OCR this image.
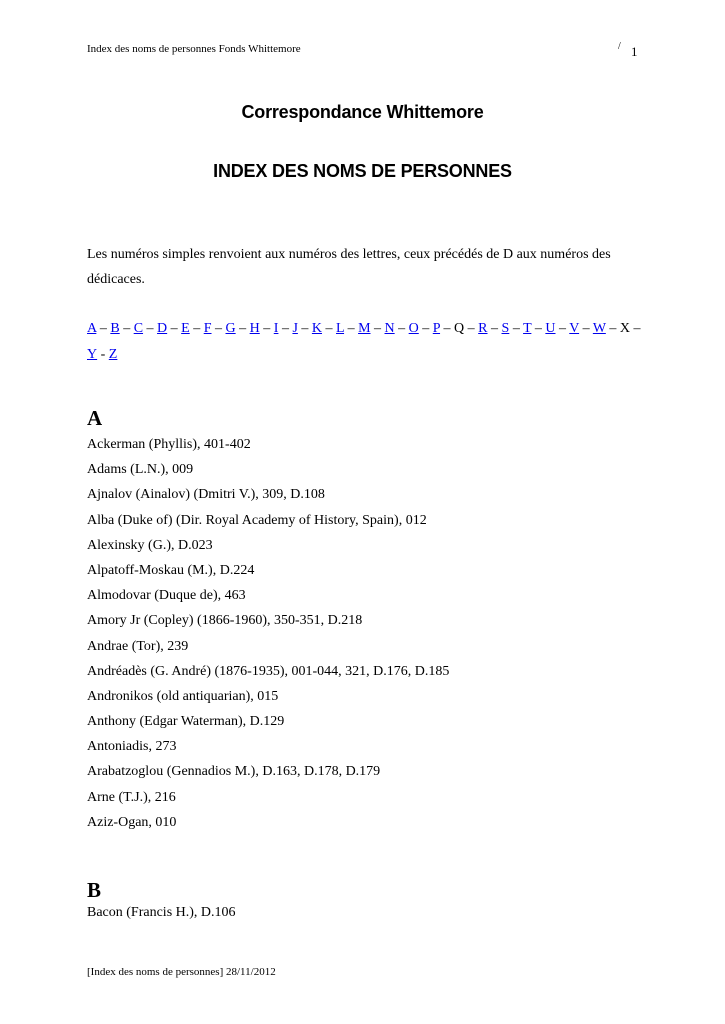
Index des noms de personnes Fonds Whittemore	/ 1
Correspondance Whittemore
INDEX DES NOMS DE PERSONNES
Les numéros simples renvoient aux numéros des lettres, ceux précédés de D aux numéros des dédicaces.
A – B – C – D – E – F – G – H – I – J – K – L – M – N – O – P – Q – R – S – T – U – V – W – X – Y - Z
A
Ackerman (Phyllis), 401-402
Adams (L.N.), 009
Ajnalov (Ainalov) (Dmitri V.), 309, D.108
Alba (Duke of) (Dir. Royal Academy of History, Spain), 012
Alexinsky (G.), D.023
Alpatoff-Moskau (M.), D.224
Almodovar (Duque de), 463
Amory Jr (Copley) (1866-1960), 350-351, D.218
Andrae (Tor), 239
Andréadès (G. André) (1876-1935), 001-044, 321, D.176, D.185
Andronikos (old antiquarian), 015
Anthony (Edgar Waterman), D.129
Antoniadis, 273
Arabatzoglou (Gennadios M.), D.163, D.178, D.179
Arne (T.J.), 216
Aziz-Ogan, 010
B
Bacon (Francis H.), D.106
[Index des noms de personnes] 28/11/2012
